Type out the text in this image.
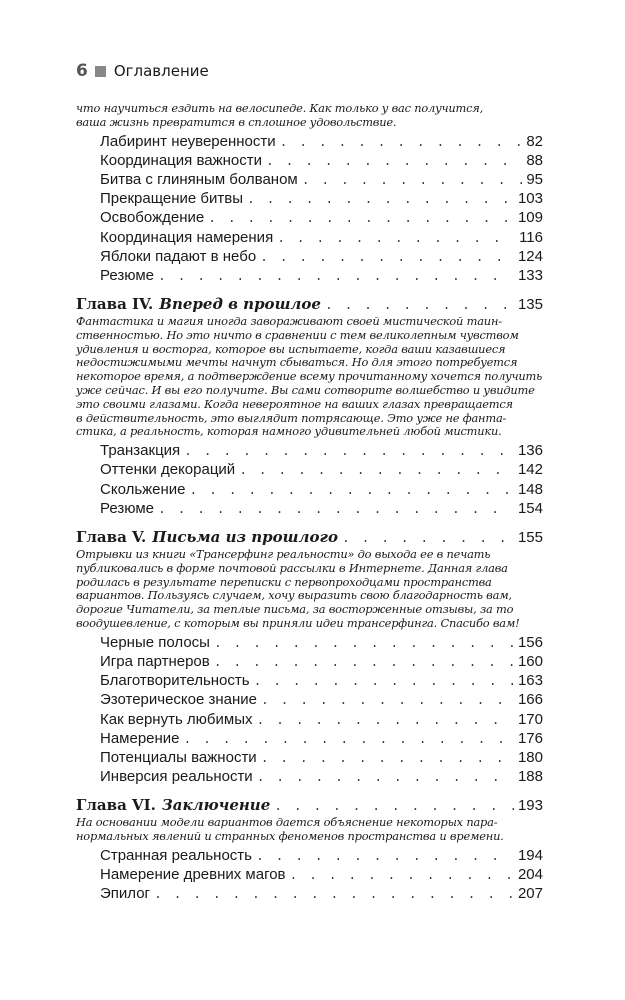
6 Оглавление
что научиться ездить на велосипеде. Как только у вас получится,
ваша жизнь превратится в сплошное удовольствие.
Лабиринт неуверенности . . .	82
Координация важности . . .	88
Битва с глиняным болваном . . .	95
Прекращение битвы . . .	103
Освобождение . . .	109
Координация намерения . . .	116
Яблоки падают в небо . . .	124
Резюме . . .	133
Глава IV. Вперед в прошлое . . .	135
Фантастика и магия иногда завораживают своей мистической таин-
ственностью. Но это ничто в сравнении с тем великолепным чувством
удивления и восторга, которое вы испытаете, когда ваши казавшиеся
недостижимыми мечты начнут сбываться. Но для этого потребуется
некоторое время, а подтверждение всему прочитанному хочется получить
уже сейчас. И вы его получите. Вы сами сотворите волшебство и увидите
это своими глазами. Когда невероятное на ваших глазах превращается
в действительность, это выглядит потрясающе. Это уже не фанта-
стика, а реальность, которая намного удивительней любой мистики.
Транзакция . . .	136
Оттенки декораций . . .	142
Скольжение . . .	148
Резюме . . .	154
Глава V. Письма из прошлого . . .	155
Отрывки из книги «Трансерфинг реальности» до выхода ее в печать
публиковались в форме почтовой рассылки в Интернете. Данная глава
родилась в результате переписки с первопроходцами пространства
вариантов. Пользуясь случаем, хочу выразить свою благодарность вам,
дорогие Читатели, за теплые письма, за восторженные отзывы, за то
воодушевление, с которым вы приняли идеи трансерфинга. Спасибо вам!
Черные полосы . . .	156
Игра партнеров . . .	160
Благотворительность . . .	163
Эзотерическое знание . . .	166
Как вернуть любимых . . .	170
Намерение . . .	176
Потенциалы важности . . .	180
Инверсия реальности . . .	188
Глава VI. Заключение . . .	193
На основании модели вариантов дается объяснение некоторых пара-
нормальных явлений и странных феноменов пространства и времени.
Странная реальность . . .	194
Намерение древних магов . . .	204
Эпилог . . .	207
